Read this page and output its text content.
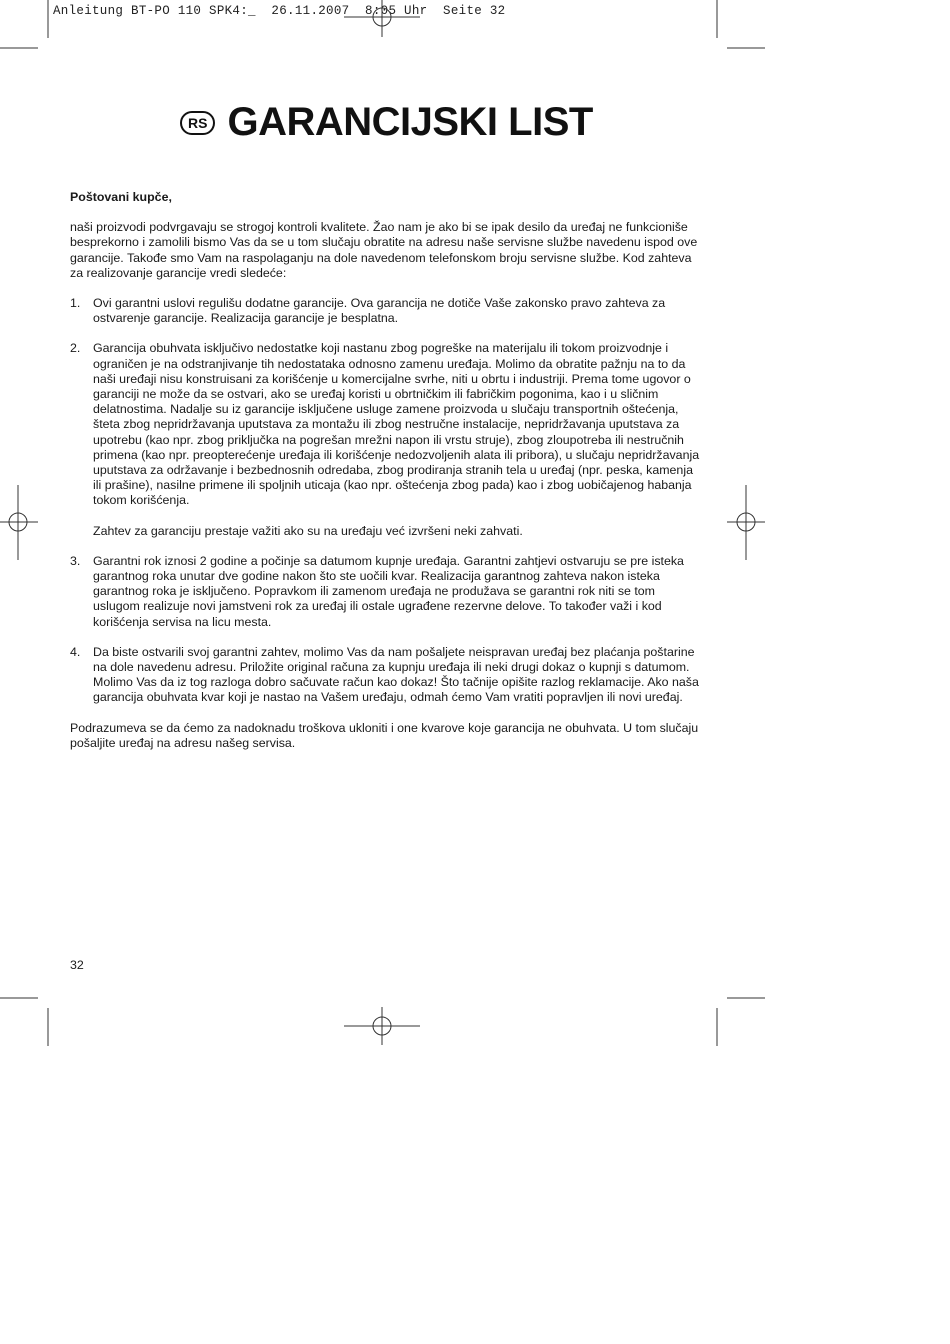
Anleitung BT-PO 110 SPK4:_  26.11.2007  8:05 Uhr  Seite 32
RS GARANCIJSKI LIST

Poštovani kupče,

naši proizvodi podvrgavaju se strogoj kontroli kvalitete. Žao nam je ako bi se ipak desilo da uređaj ne funkcioniše besprekorno i zamolili bismo Vas da se u tom slučaju obratite na adresu naše servisne službe navedenu ispod ove garancije. Takođe smo Vam na raspolaganju na dole navedenom telefonskom broju servisne službe. Kod zahteva za realizovanje garancije vredi sledeće:

1.	Ovi garantni uslovi regulišu dodatne garancije. Ova garancija ne dotiče Vaše zakonsko pravo zahteva za ostvarenje garancije. Realizacija garancije je besplatna.

2.	Garancija obuhvata isključivo nedostatke koji nastanu zbog pogreške na materijalu ili tokom proizvodnje i ograničen je na odstranjivanje tih nedostataka odnosno zamenu uređaja. Molimo da obratite pažnju na to da naši uređaji nisu konstruisani za korišćenje u komercijalne svrhe, niti u obrtu i industriji. Prema tome ugovor o garanciji ne može da se ostvari, ako se uređaj koristi u obrtničkim ili fabričkim pogonima, kao i u sličnim delatnostima. Nadalje su iz garancije isključene usluge zamene proizvoda u slučaju transportnih oštećenja, šteta zbog nepridržavanja uputstava za montažu ili zbog nestručne instalacije, nepridržavanja uputstava za upotrebu (kao npr. zbog priključka na pogrešan mrežni napon ili vrstu struje), zbog zloupotreba ili nestručnih primena (kao npr. preopterećenje uređaja ili korišćenje nedozvoljenih alata ili pribora), u slučaju nepridržavanja uputstava za održavanje i bezbednosnih odredaba, zbog prodiranja stranih tela u uređaj (npr. peska, kamenja ili prašine), nasilne primene ili spoljnih uticaja (kao npr. oštećenja zbog pada) kao i zbog uobičajenog habanja tokom korišćenja.

Zahtev za garanciju prestaje važiti ako su na uređaju već izvršeni neki zahvati.

3.	Garantni rok iznosi 2 godine a počinje sa datumom kupnje uređaja. Garantni zahtjevi ostvaruju se pre isteka garantnog roka unutar dve godine nakon što ste uočili kvar. Realizacija garantnog zahteva nakon isteka garantnog roka je isključeno. Popravkom ili zamenom uređaja ne produžava se garantni rok niti se tom uslugom realizuje novi jamstveni rok za uređaj ili ostale ugrađene rezervne delove. To također važi i kod korišćenja servisa na licu mesta.

4.	Da biste ostvarili svoj garantni zahtev, molimo Vas da nam pošaljete neispravan uređaj bez plaćanja poštarine na dole navedenu adresu. Priložite original računa za kupnju uređaja ili neki drugi dokaz o kupnji s datumom. Molimo Vas da iz tog razloga dobro sačuvate račun kao dokaz! Što tačnije opišite razlog reklamacije. Ako naša garancija obuhvata kvar koji je nastao na Vašem uređaju, odmah ćemo Vam vratiti popravljen ili novi uređaj.

Podrazumeva se da ćemo za nadoknadu troškova ukloniti i one kvarove koje garancija ne obuhvata. U tom slučaju pošaljite uređaj na adresu našeg servisa.

32
